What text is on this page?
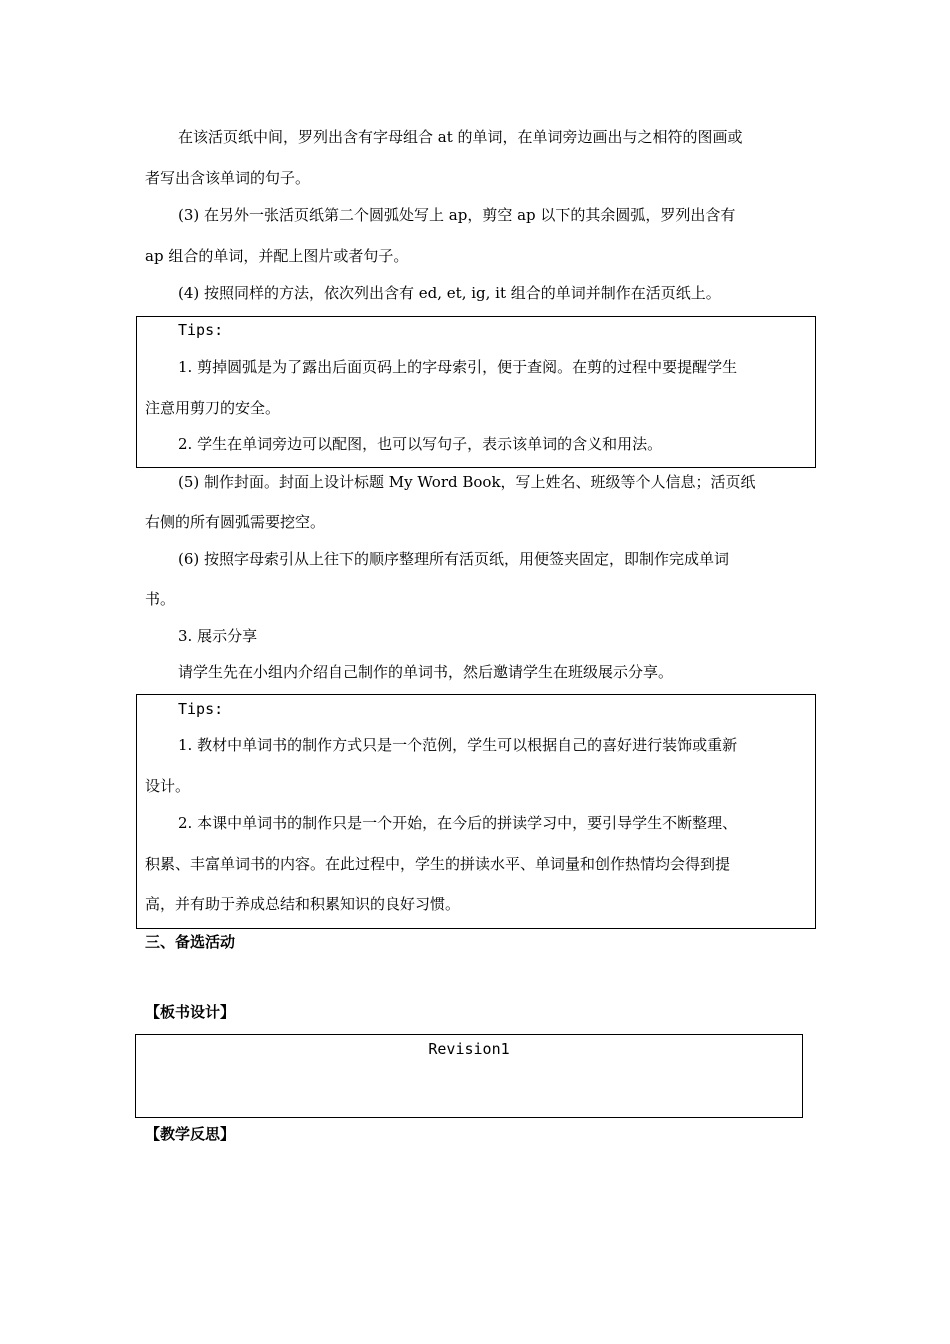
在该活页纸中间，罗列出含有字母组合 at 的单词，在单词旁边画出与之相符的图画或
者写出含该单词的句子。
(3) 在另外一张活页纸第二个圆弧处写上 ap，剪空 ap 以下的其余圆弧，罗列出含有
ap 组合的单词，并配上图片或者句子。
(4) 按照同样的方法，依次列出含有 ed, et, ig, it 组合的单词并制作在活页纸上。
Tips:
1. 剪掉圆弧是为了露出后面页码上的字母索引，便于查阅。在剪的过程中要提醒学生
注意用剪刀的安全。
2. 学生在单词旁边可以配图，也可以写句子，表示该单词的含义和用法。
(5) 制作封面。封面上设计标题 My Word Book，写上姓名、班级等个人信息；活页纸
右侧的所有圆弧需要挖空。
(6) 按照字母索引从上往下的顺序整理所有活页纸，用便签夹固定，即制作完成单词
书。
3. 展示分享
请学生先在小组内介绍自己制作的单词书，然后邀请学生在班级展示分享。
Tips:
1. 教材中单词书的制作方式只是一个范例，学生可以根据自己的喜好进行装饰或重新
设计。
2. 本课中单词书的制作只是一个开始，在今后的拼读学习中，要引导学生不断整理、
积累、丰富单词书的内容。在此过程中，学生的拼读水平、单词量和创作热情均会得到提
高，并有助于养成总结和积累知识的良好习惯。
三、备选活动
【板书设计】
Revision1
【教学反思】
